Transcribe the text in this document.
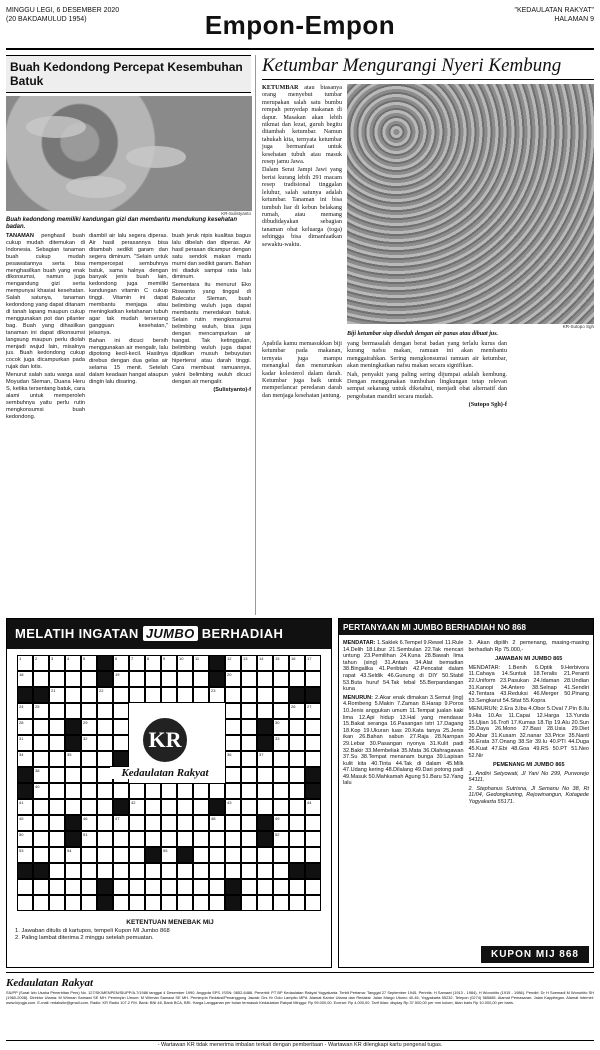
MINGGU LEGI, 6 DESEMBER 2020
(20 BAKDAMULUD 1954)	Empon-Empon	"KEDAULATAN RAKYAT"
HALAMAN 9
Buah Kedondong Percepat Kesembuhan Batuk
KR-Sulistyanto
Buah kedondong memiliki kandungan gizi dan membantu mendukung kesehatan badan.

TANAMAN penghasil buah cukup mudah ditemukan di Indonesia. Sebagian tanaman buah cukup mudah pesawatannya serta bisa menghasilkan buah yang enak dikonsumsi, namun juga mengandung gizi serta mempunyai khasiat kesehatan. Salah satunya, tanaman kedondong yang dapat ditanam di tanah lapang maupun cukup menggunakan pot dan pilanter bag. Buah yang dihasilkan tanaman ini dapat dikonsumsi langsung maupun perlu diolah menjadi wujud lain, misalnya jus. Buah kedondong cukup cocok juga dicampurkan pada rujak dan lotis.

Menurut salah satu warga asal Moyudan Sleman, Duana Heru S, ketika tersentang batuk, cara alami untuk memperoleh sembuhnya yaitu perlu rutin mengkonsumsi buah kedondong.

diambil air lalu segera diperas. Air hasil perasannya bisa ditambah sedikit garam dan segera diminum. "Selain untuk mempercepat sembuhnya batuk, sama halnya dengan banyak jenis buah lain, kedondong juga memiliki kandungan vitamin C cukup tinggi. Vitamin ini dapat membantu menjaga atau meningkatkan ketahanan tubuh agar tak mudah terserang gangguan kesehatan," jelasnya.

Bahan ini dicuci bersih menggunakan air mengalir, lalu dipotong kecil-kecil. Hasilnya direbus dengan dua gelas air selama 15 menit. Setelah dalam keadaan hangat ataupun dingin lalu disaring.

buah jeruk nipis kualitas bagus lalu dibelah dan diperas. Air hasil perasan dicampur dengan satu sendok makan madu murni dan sedikit garam. Bahan ini diaduk sampai rata lalu diminum.

Sementara itu menurut Eko Riswanto yang tinggal di Balecatur Sleman, buah belimbing wuluh juga dapat membantu meredakan batuk. Selain rutin mengkonsumsi belimbing wuluh, bisa juga dengan mencampurkan air hangat. Tak ketinggalan, belimbing wuluh juga dapat dijadikan musuh bebuyutan hipertensi atau darah tinggi. Cara membuat ramuannya, yakni belimbing wuluh dicuci dengan air mengalir.

(Sulistyanto)-f

Ketumbar Mengurangi Nyeri Kembung

KETUMBAR atau biasanya orang menyebut tumbar merupakan salah satu bumbu rempah penyedap makanan di dapur. Masakan akan lebih nikmat dan lezat, guruh begitu ditambah ketumbar. Namun tahukah kita, ternyata ketumbar juga bermanfaat untuk kesehatan tubuh atau masuk resep jamu Jawa.

Dalam Serat Jampi Jawi yang berisi kurang lebih 291 macam resep tradisional tinggalan leluhur, salah satunya adalah ketumbar. Tanaman ini bisa tumbuh liar di kebun belakang rumah, atau memang dibudidayakan sebagian tanaman obat keluarga (toga) sehingga bisa dimanfaatkan sewaktu-waktu.

KR-Sutopo Sgh
Biji ketumbar siap diseduh dengan air panas atau dibuat jus.

Apabila kamu memasukkan biji ketumbar pada makanan, ternyata juga mampu menangkal dan menurunkan kadar kolesterol dalam darah. Ketumbar juga baik untuk memperlancar peredaran darah dan menjaga kesehatan jantung.

yang bermasalah dengan berat badan yang terlalu kurus dan kurang nafsu makan, ramuan ini akan membantu menggairahkan. Sering mengkonsumsi ramuan air ketumbar, akan meningkatkan nafsu makan secara signifikan.

Nah, penyakit yang paling sering dijumpai adalah kembung. Dengan menggunakan tumbuhan lingkungan tetap relevan sempat sekarang untuk diketahui, menjadi obat alternatif dan pengobatan mandiri secara mudah.

(Sutopo Sgh)-f

MELATIH INGATAN JUMBO BERHADIAH
55
54
53
52
51
50
49
48
47
46
45
44
43
42
41
40
38
37
36
35
34
33
32
31
30
29
28
27
26
25
24
23
22
21
20
19
18
17
16
15
14
13
12
11
10
9
8
7
6
5
4
3
2
1
KR
Kedaulatan Rakyat
KETENTUAN MENEBAK MIJ
1. Jawaban ditulis di kartupos, tempeli Kupon MI Jumbo 868
2. Paling lambat diterima 2 minggu setelah pemuatan.
PERTANYAAN MI JUMBO BERHADIAH NO 868

MENDATAR: 1.Saklek 6.Tempel 9.Rewel 11.Rule 14.Delih 18.Libur 21.Sembulan 22.Tak mencari untung 23.Pemilihan 24.Kuna 28.Bawah lima tahun (sing) 31.Antara 34.Alat bemadian 38.Bingalika 41.Peribtah 42.Pencatat dalam rapat 43.Seldik 46.Gunung di DIY 50.Stabil 53.Buta huruf 54.Tak tebal 55.Berpandangan kuna

MENURUN: 2.Akar enak dimakan 3.Semut (ing) 4.Rombeng 5.Makin 7.Zaman 8.Harap 9.Poros 10.Jenis anggukan umum 11.Tempat jualan kaki lima 12.Api hidup 13.Hal yang mendasar 15.Bakat seranga 16.Pasangan istri 17.Dagang 18.Kop 19.Ukuran luas 20.Kata tanya 25.Jenis ikan 26.Bahan sabun 27.Raja 28.Narnpan 29.Lebar 30.Pasangan nyonya 31.Kulit padi 32.Bakir 33.Membeliak 35.Mata 36.Olahragawan 37.Su 38.Tempat menanam bunga 39.Lapisan kulit kita 40.Tinta 44.Tak di dalam 45.Milk 47.Udang kering 48.Dilalang 49.Dari potong padi 49.Masuk 50.Mahkamah Agung 51.Baru 52.Yang lalu

3. Akan dipilih 2 pemenang, masing-masing berhadiah Rp 75.000,-

JAWABAN MI JUMBO 865

MENDATAR: 1.Benih 6.Optik 9.Herbivora 11.Cahaya 14.Suntuk 18.Teralis 21.Peranti 22.Uniform 23.Pasukan 24.Idaman 28.Undian 31.Kanopi 34.Antero 38.Selnap 41.Sendiri 42.Tentara 43.Reduksi 46.Merger 50.Pinang 53.Sengkarut 54.Sitat 55.Kopra

MENURUN: 2.Era 3.Iba 4.Obor 5.Oval 7.Pin 8.Ilu 9.Hia 10.As 11.Capai 12.Harga 13.Yunda 15.Ujian 16.Trofi 17.Kumas 18.Tip 19.Alu 20.Sun 25.Daya 26.Mono 27.Basi 28.Usia 29.Diet 30.Abar 31.Kusam 32.nanar 33.Price 35.Nanti 36.Erata 37.Onang 38.Sir 39.Iu 40.PTI 44.Duga 45.Kuat 47.Ebi 48.Goa 49.RS 50.PT 51.Neo 52.Nir

PEMENANG MI JUMBO 865

1. Andini Setyowati, Jl Yani No 299, Purworejo 54111.

2. Stephanus Sutrisna, Jl Semanu No 38, Rt 11/04, Gedongkuning, Rejowinangun, Kotagede Yogyakarta 55171.

KUPON MIJ 868
Kedaulatan Rakyat
SIUPP (Surat Izin Usaha Penerbitan Pers) No. 127/SK/MENPEN/SIUPP/A.7/1986 tanggal 4 Desember 1990. Anggota SPS. ISSN: 0852-6486. Penerbit: PT BP Kedaulatan Rakyat Yogyakarta. Terbit Pertama: Tanggal 27 September 1945. Perintis: H Samawi (1913 - 1984), H Wonohito (1915 - 1986). Pendiri: Dr H Soemadi M Wonohito SH (1960-2008). Direktur Utama: M Wirman Samawi SE MH. Pemimpin Umum: M Wirman Samawi SE MH. Pemimpin Redaksi/Penanggung Jawab: Drs Hr Octo Lampito MPd. Alamat Kantor Utama dan Redaksi: Jalan Margo Utomo 40-46, Yogyakarta 55232. Telepon (0274) 565685. Alamat Pemasaran: Jalan Kappitegan. Alamat Internet: www.krjogja.com. E-mail: redaksikr@gmail.com. Radio: KR Radio 107.2 FM. Bank: BNI 46, Bank BCA, BRI. Harga Langganan per bulan termasuk Kedaulatan Rakyat Minggu: Rp 99.000,00. Eceran: Rp 4.000,00. Tarif Iklan: display Rp 37.500,00 per mm kolom; iklan baris Rp 10.000,00 per baris.
- Wartawan KR tidak menerima imbalan terkait dengan pemberitaan - Wartawan KR dilengkapi kartu pengenal tugas.
